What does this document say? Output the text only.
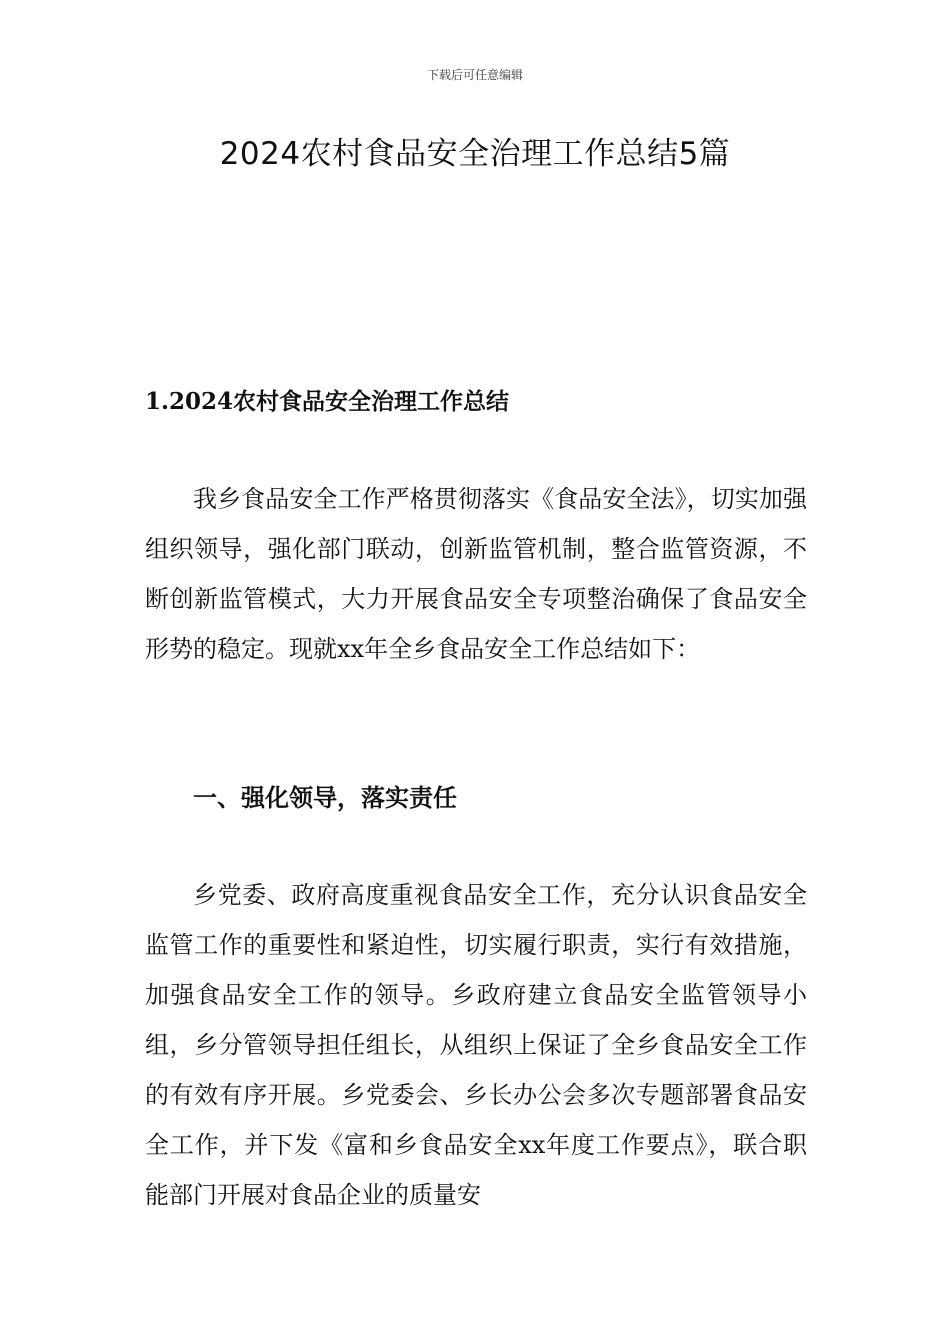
下载后可任意编辑
2024农村食品安全治理工作总结5篇
1.2024农村食品安全治理工作总结

我乡食品安全工作严格贯彻落实《食品安全法》，切实加强组织领导，强化部门联动，创新监管机制，整合监管资源，不断创新监管模式，大力开展食品安全专项整治确保了食品安全形势的稳定。现就xx年全乡食品安全工作总结如下：

一、强化领导，落实责任

乡党委、政府高度重视食品安全工作，充分认识食品安全监管工作的重要性和紧迫性，切实履行职责，实行有效措施，加强食品安全工作的领导。乡政府建立食品安全监管领导小组，乡分管领导担任组长，从组织上保证了全乡食品安全工作的有效有序开展。乡党委会、乡长办公会多次专题部署食品安全工作，并下发《富和乡食品安全xx年度工作要点》，联合职能部门开展对食品企业的质量安
